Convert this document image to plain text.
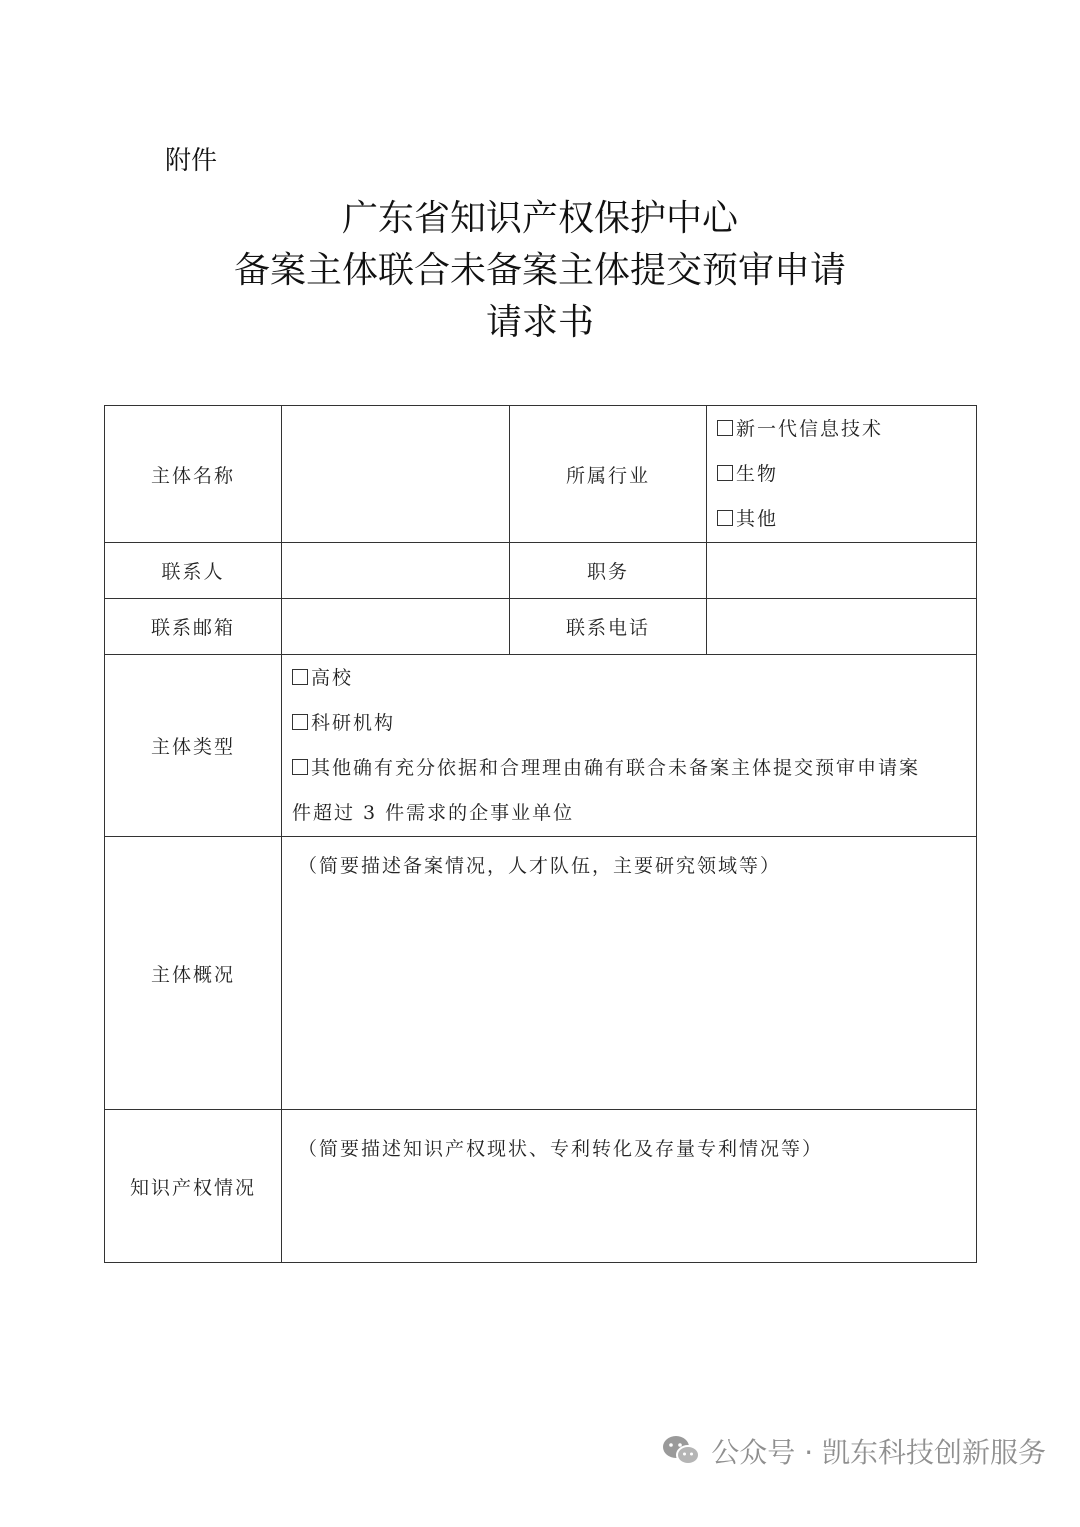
附件
广东省知识产权保护中心
备案主体联合未备案主体提交预审申请
请求书
主体名称		所属行业	新一代信息技术
生物
其他

联系人		职务	
联系邮箱		联系电话	
主体类型	高校
科研机构
其他确有充分依据和合理理由确有联合未备案主体提交预审申请案
件超过 3 件需求的企事业单位		

主体概况	（简要描述备案情况，人才队伍，主要研究领域等）		
知识产权情况	（简要描述知识产权现状、专利转化及存量专利情况等）		
公众号 · 凯东科技创新服务
